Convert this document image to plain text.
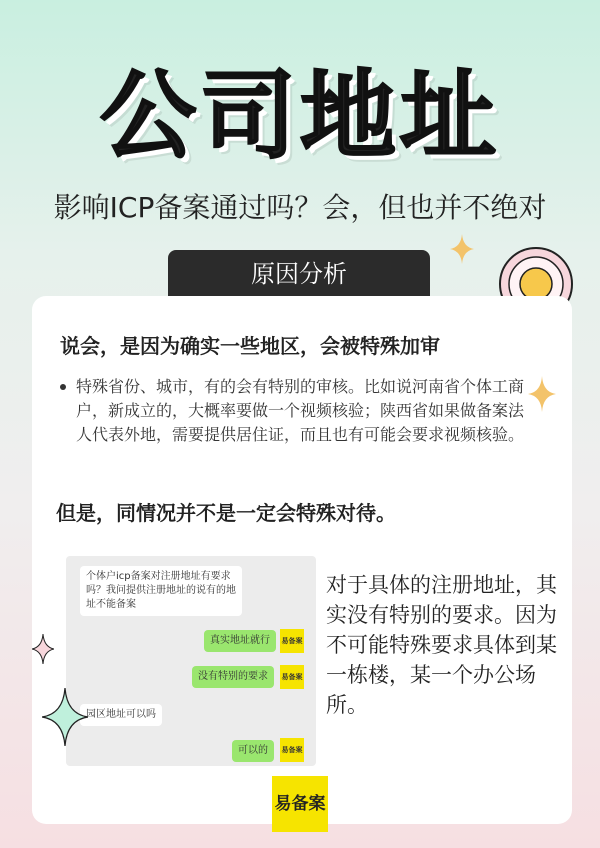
公司地址
影响ICP备案通过吗？会，但也并不绝对
原因分析
说会，是因为确实一些地区，会被特殊加审
特殊省份、城市，有的会有特别的审核。比如说河南省个体工商户，新成立的，大概率要做一个视频核验；陕西省如果做备案法人代表外地，需要提供居住证，而且也有可能会要求视频核验。
但是，同情况并不是一定会特殊对待。
个体户icp备案对注册地址有要求吗？我问提供注册地址的说有的地址不能备案
真实地址就行	易备案
没有特别的要求	易备案
园区地址可以吗
可以的	易备案
对于具体的注册地址，其实没有特别的要求。因为不可能特殊要求具体到某一栋楼，某一个办公场所。
易备案
